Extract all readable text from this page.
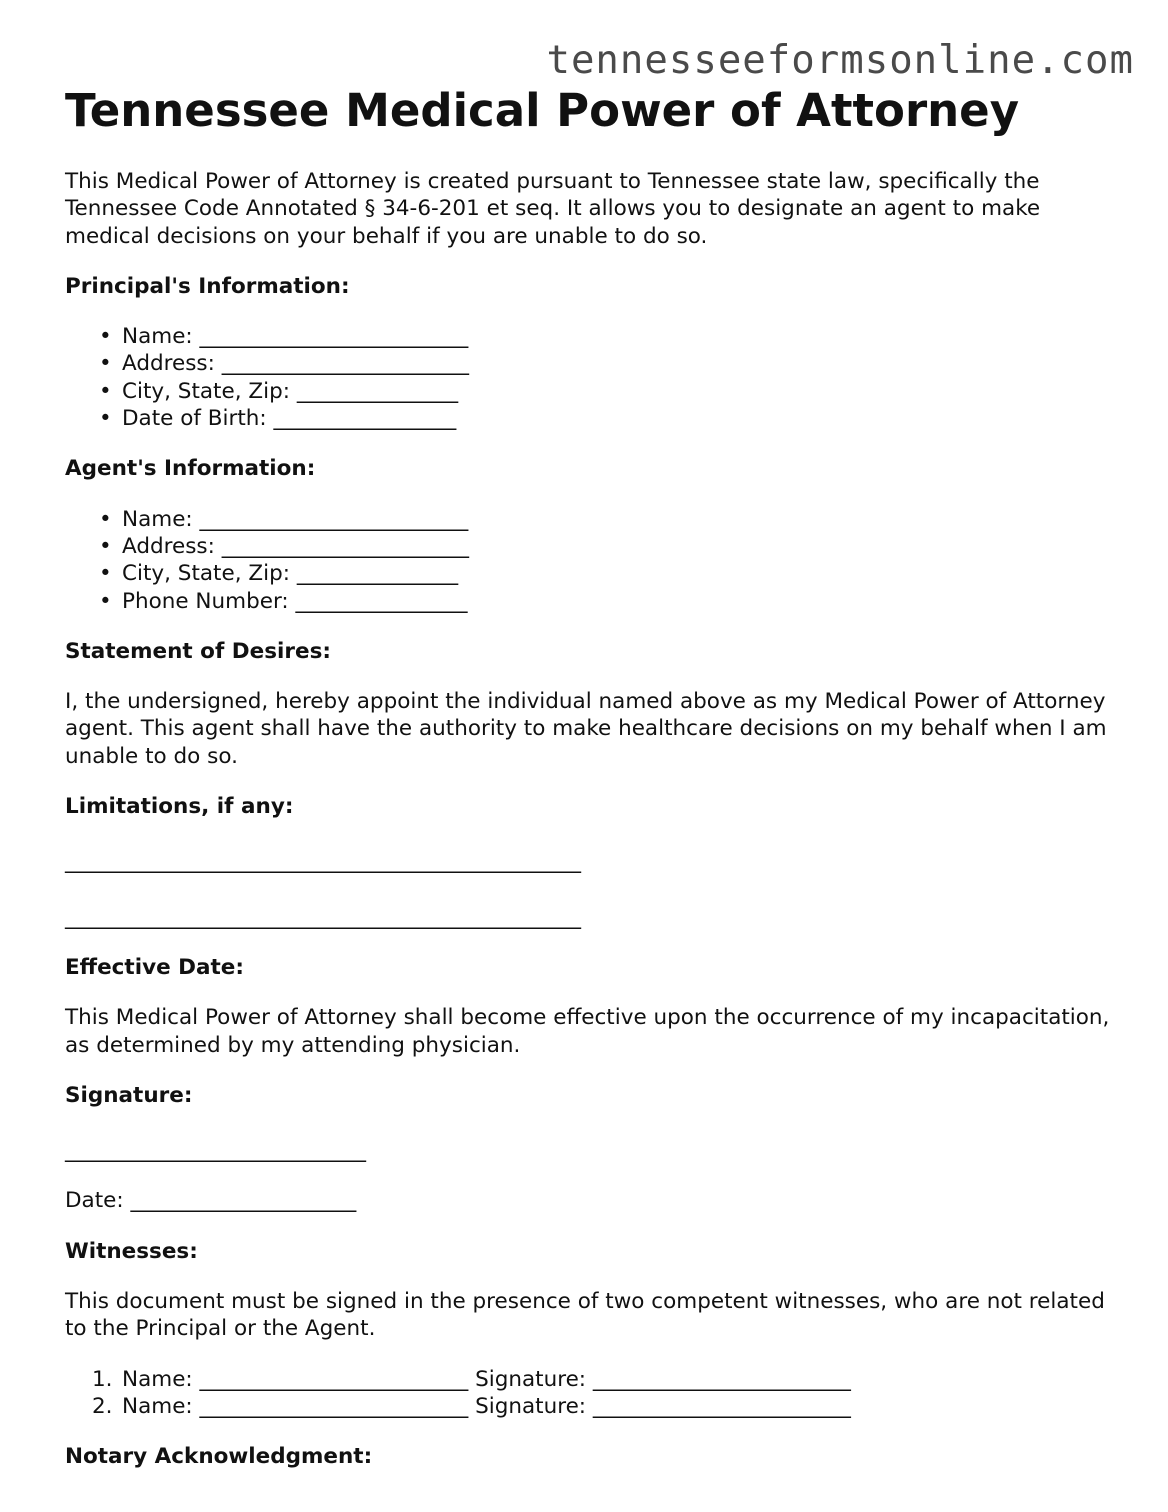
tennesseeformsonline.com
Tennessee Medical Power of Attorney

This Medical Power of Attorney is created pursuant to Tennessee state law, specifically the Tennessee Code Annotated § 34-6-201 et seq. It allows you to designate an agent to make medical decisions on your behalf if you are unable to do so.

Principal's Information:

• Name: _________________________
• Address: _______________________
• City, State, Zip: _______________
• Date of Birth: _________________

Agent's Information:

• Name: _________________________
• Address: _______________________
• City, State, Zip: _______________
• Phone Number: ________________

Statement of Desires:

I, the undersigned, hereby appoint the individual named above as my Medical Power of Attorney agent. This agent shall have the authority to make healthcare decisions on my behalf when I am unable to do so.

Limitations, if any:

________________________________________________

________________________________________________

Effective Date:

This Medical Power of Attorney shall become effective upon the occurrence of my incapacitation, as determined by my attending physician.

Signature:

____________________________

Date: _____________________

Witnesses:

This document must be signed in the presence of two competent witnesses, who are not related to the Principal or the Agent.

1. Name: _________________________ Signature: ________________________
2. Name: _________________________ Signature: ________________________

Notary Acknowledgment:
